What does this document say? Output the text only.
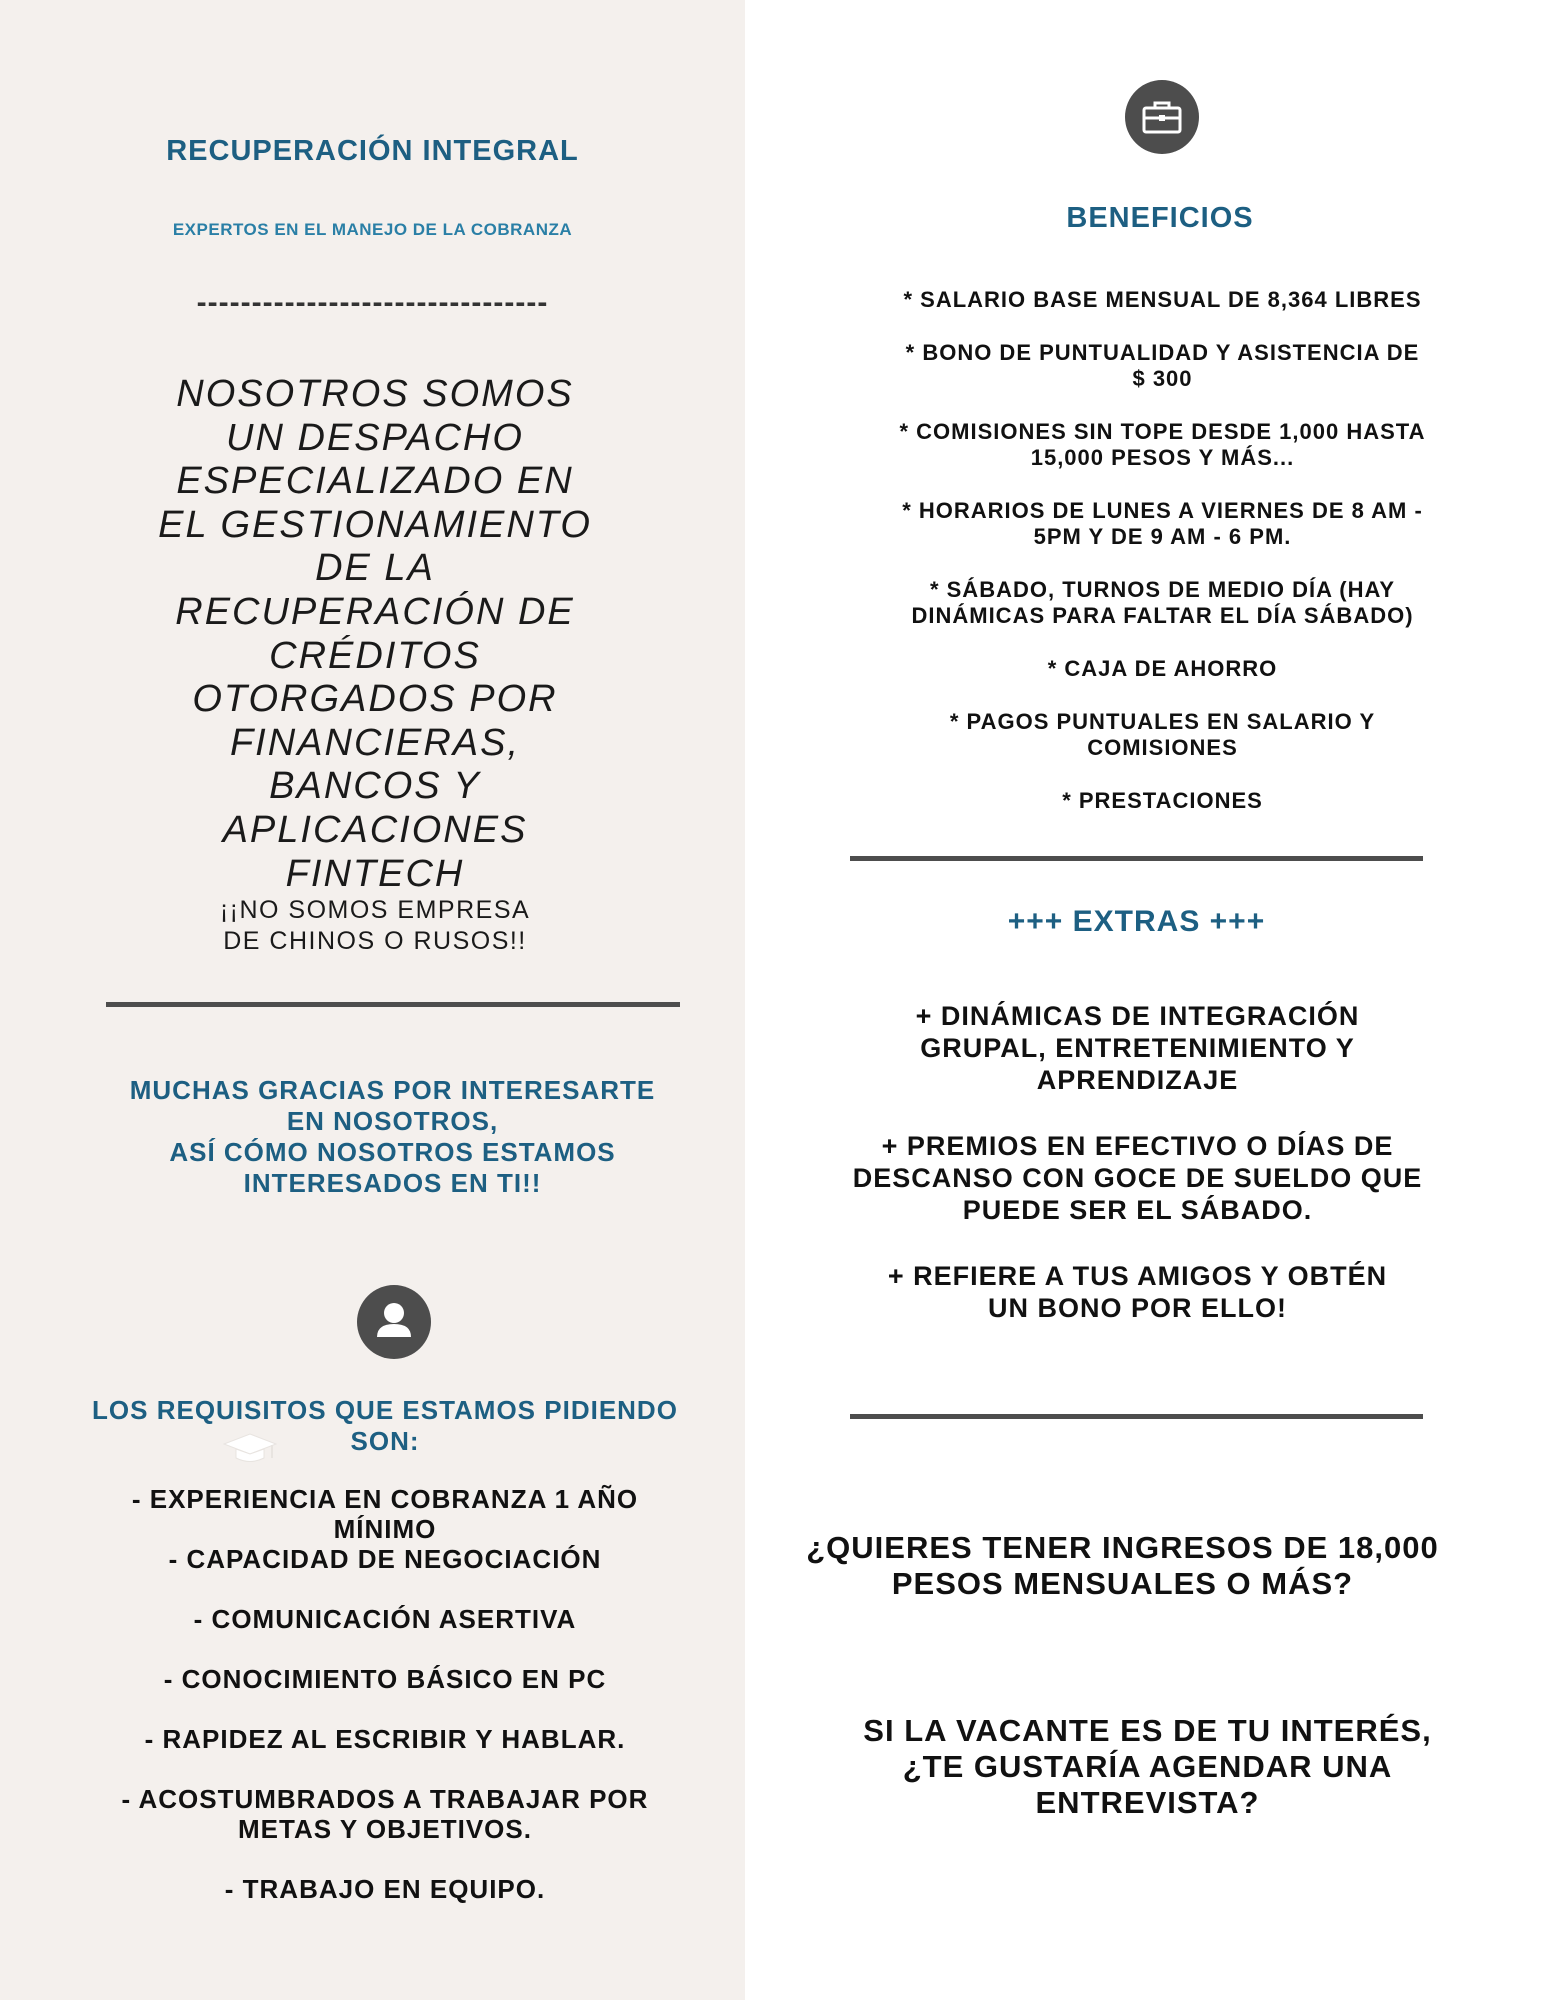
RECUPERACIÓN INTEGRAL
EXPERTOS EN EL MANEJO DE LA COBRANZA
--------------------------------
NOSOTROS SOMOS UN DESPACHO ESPECIALIZADO EN EL GESTIONAMIENTO DE LA RECUPERACIÓN DE CRÉDITOS OTORGADOS POR FINANCIERAS, BANCOS Y APLICACIONES FINTECH
¡¡NO SOMOS EMPRESA
DE CHINOS O RUSOS!!
MUCHAS GRACIAS POR INTERESARTE
EN NOSOTROS,
ASÍ CÓMO NOSOTROS ESTAMOS
INTERESADOS EN TI!!
LOS REQUISITOS QUE ESTAMOS PIDIENDO SON:
- EXPERIENCIA EN COBRANZA 1 AÑO MÍNIMO
- CAPACIDAD DE NEGOCIACIÓN
- COMUNICACIÓN ASERTIVA
- CONOCIMIENTO BÁSICO EN PC
- RAPIDEZ AL ESCRIBIR Y HABLAR.
- ACOSTUMBRADOS A TRABAJAR POR METAS Y OBJETIVOS.
- TRABAJO EN EQUIPO.
BENEFICIOS
* SALARIO BASE MENSUAL DE 8,364 LIBRES
* BONO DE PUNTUALIDAD Y ASISTENCIA DE $ 300
* COMISIONES SIN TOPE DESDE 1,000 HASTA 15,000 PESOS Y MÁS...
* HORARIOS DE LUNES A VIERNES DE 8 AM - 5PM Y DE 9 AM - 6 PM.
* SÁBADO, TURNOS DE MEDIO DÍA (HAY DINÁMICAS PARA FALTAR EL DÍA SÁBADO)
* CAJA DE AHORRO
* PAGOS PUNTUALES EN SALARIO Y COMISIONES
* PRESTACIONES
+++ EXTRAS +++
+ DINÁMICAS DE INTEGRACIÓN GRUPAL, ENTRETENIMIENTO Y APRENDIZAJE
+ PREMIOS EN EFECTIVO O DÍAS DE DESCANSO CON GOCE DE SUELDO QUE PUEDE SER EL SÁBADO.
+ REFIERE A TUS AMIGOS Y OBTÉN UN BONO POR ELLO!
¿QUIERES TENER INGRESOS DE 18,000 PESOS MENSUALES O MÁS?
SI LA VACANTE ES DE TU INTERÉS, ¿TE GUSTARÍA AGENDAR UNA ENTREVISTA?
